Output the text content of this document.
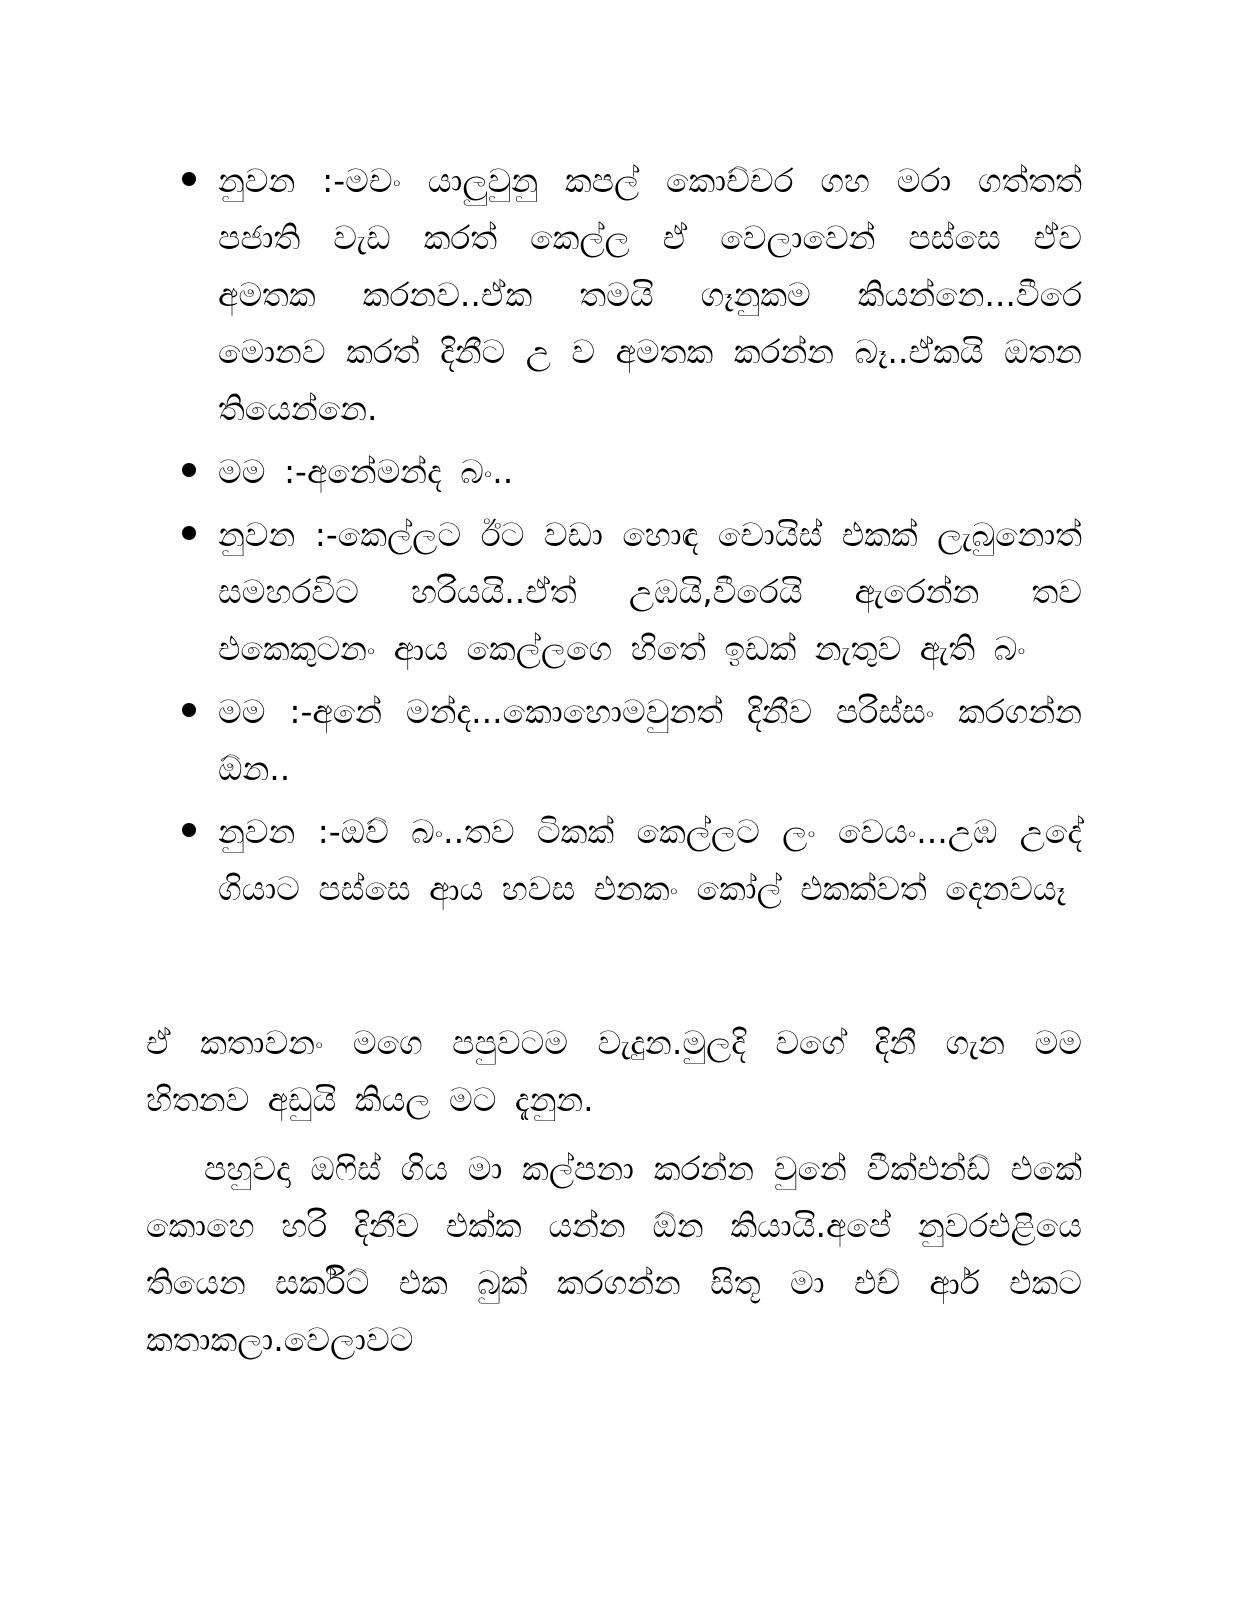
නුවන :-මචං යාලුවුනු කපල් කොච්චර ගහ මරා ගත්තත් පජාති වැඩ කරත් කෙල්ල ඒ වෙලාවෙන් පස්සෙ ඒව අමතක කරනව..ඒක තමයි ගෑනුකම කියන්නෙ...වීරෙ මොනව කරත් දිනීට උ ව අමතක කරන්න බෑ..ඒකයි ඔතන තියෙන්නෙ.
මම :-අනේමන්ද බං..
නුවන :-කෙල්ලට ඊට වඩා හොඳ චොයිස් එකක් ලැබුනොත් සමහරවිට හරියයි..ඒත් උඹයි,වීරෙයි ඇරෙන්න තව එකෙකුටනං ආය කෙල්ලගෙ හිතේ ඉඩක් නැතුව ඇති බං
මම :-අනේ මන්ද...කොහොමවුනත් දිනීව පරිස්සං කරගන්න ඕන..
නුවන :-ඔව් බං..තව ටිකක් කෙල්ලට ලං වෙයං...උඹ උදේ ගියාට පස්සෙ ආය හවස එනකං කෝල් එකක්වත් දෙනවයෑ

ඒ කතාවනං මගෙ පපුවටම වැදුන.මුලදි වගේ දිනී ගැන මම හිතනව අඩුයි කියල මට දැනුන.

පහුවදා ඔෆිස් ගිය මා කල්පනා කරන්න වුනේ වීක්එන්ඩ් එකේ කොහෙ හරි දිනීව එක්ක යන්න ඕන කියායි.අපේ නුවරඑළියෙ තියෙන සර්කිට් එක බුක් කරගන්න සිතූ මා එච් ආර් එකට කතාකලා.වෙලාවට
